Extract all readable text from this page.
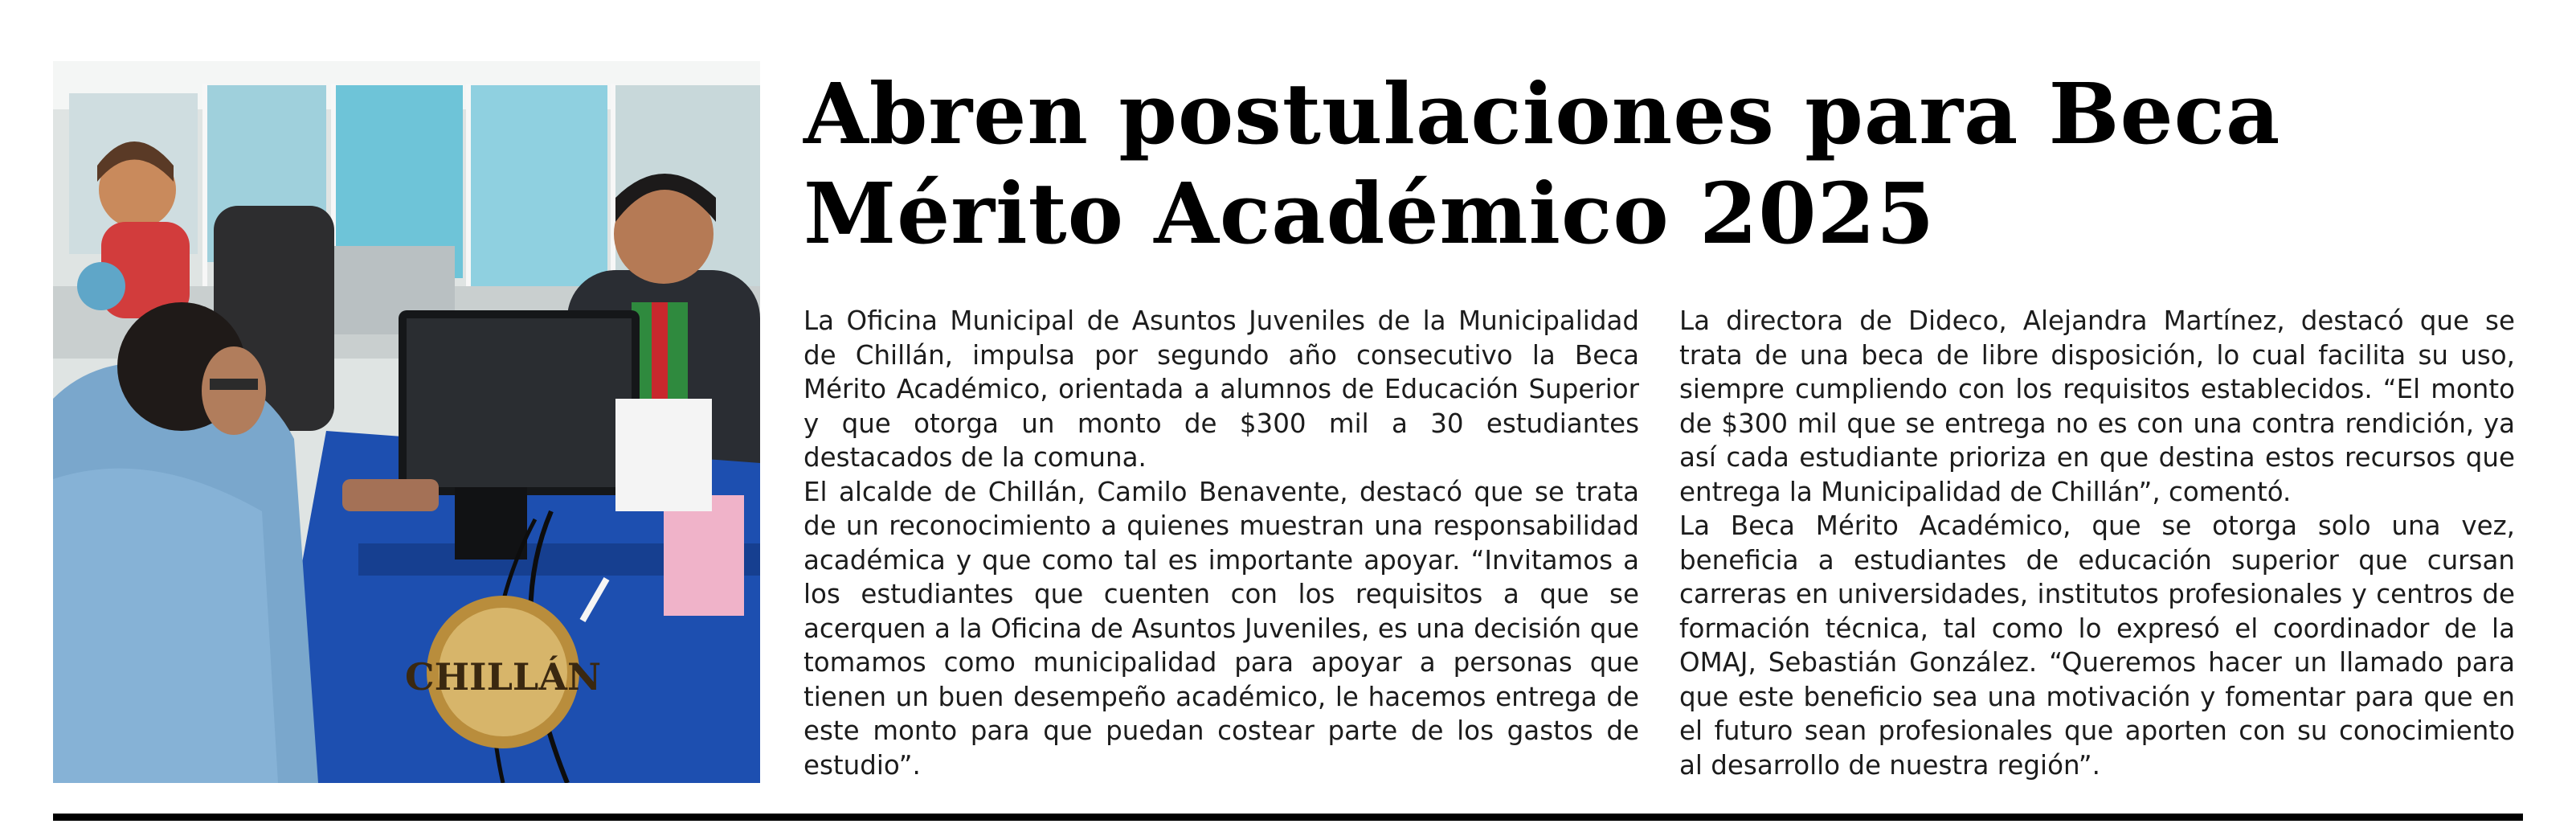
CHILLÁN
Abren postulaciones para Beca Mérito Académico 2025

La Oficina Municipal de Asuntos Juveniles de la Municipalidad de Chillán, impulsa por segundo año consecutivo la Beca Mérito Académico, orientada a alumnos de Educación Superior y que otorga un monto de $300 mil a 30 estudiantes destacados de la comuna.

El alcalde de Chillán, Camilo Benavente, destacó que se trata de un reconocimiento a quienes muestran una responsabilidad académica y que como tal es importante apoyar. “Invitamos a los estudiantes que cuenten con los requisitos a que se acerquen a la Oficina de Asuntos Juveniles, es una decisión que tomamos como municipalidad para apoyar a personas que tienen un buen desempeño académico, le hacemos entrega de este monto para que puedan costear parte de los gastos de estudio”.

La directora de Dideco, Alejandra Martínez, destacó que se trata de una beca de libre disposición, lo cual facilita su uso, siempre cumpliendo con los requisitos establecidos. “El monto de $300 mil que se entrega no es con una contra rendición, ya así cada estudiante prioriza en que destina estos recursos que entrega la Municipalidad de Chillán”, comentó.

La Beca Mérito Académico, que se otorga solo una vez, beneficia a estudiantes de educación superior que cursan carreras en universidades, institutos profesionales y centros de formación técnica, tal como lo expresó el coordinador de la OMAJ, Sebastián González. “Queremos hacer un llamado para que este beneficio sea una motivación y fomentar para que en el futuro sean profesionales que aporten con su conocimiento al desarrollo de nuestra región”.
